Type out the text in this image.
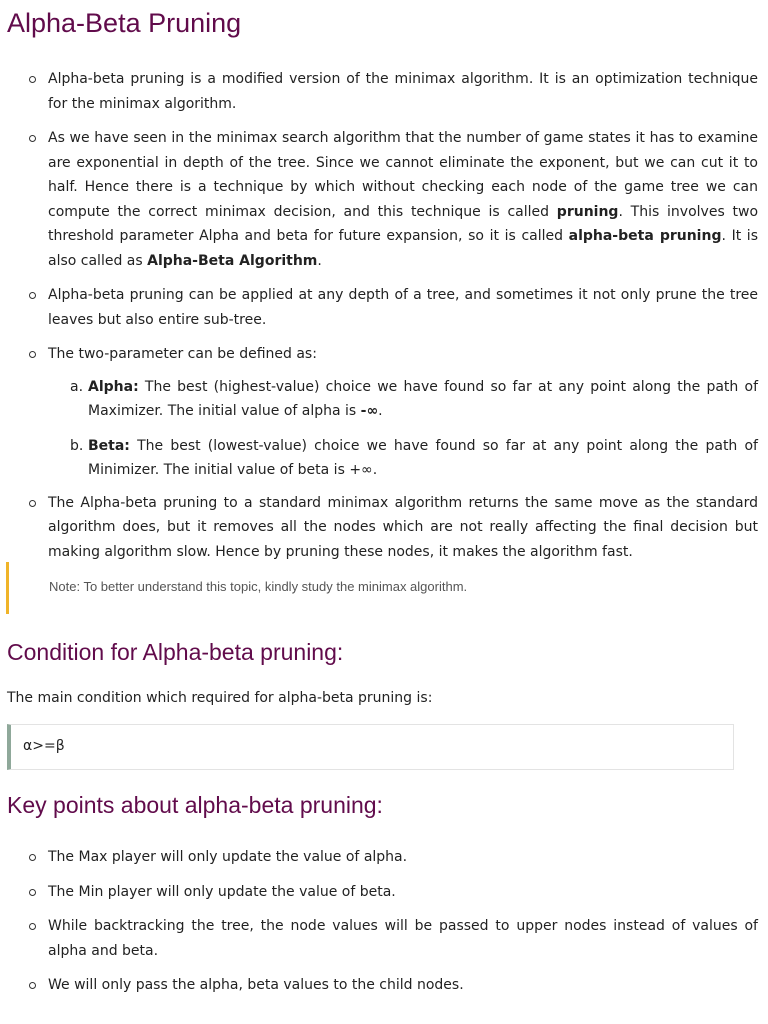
Alpha-Beta Pruning
Alpha-beta pruning is a modified version of the minimax algorithm. It is an optimization technique for the minimax algorithm.
As we have seen in the minimax search algorithm that the number of game states it has to examine are exponential in depth of the tree. Since we cannot eliminate the exponent, but we can cut it to half. Hence there is a technique by which without checking each node of the game tree we can compute the correct minimax decision, and this technique is called pruning. This involves two threshold parameter Alpha and beta for future expansion, so it is called alpha-beta pruning. It is also called as Alpha-Beta Algorithm.
Alpha-beta pruning can be applied at any depth of a tree, and sometimes it not only prune the tree leaves but also entire sub-tree.
The two-parameter can be defined as:
a. Alpha: The best (highest-value) choice we have found so far at any point along the path of Maximizer. The initial value of alpha is -∞.
b. Beta: The best (lowest-value) choice we have found so far at any point along the path of Minimizer. The initial value of beta is +∞.
The Alpha-beta pruning to a standard minimax algorithm returns the same move as the standard algorithm does, but it removes all the nodes which are not really affecting the final decision but making algorithm slow. Hence by pruning these nodes, it makes the algorithm fast.
Note: To better understand this topic, kindly study the minimax algorithm.
Condition for Alpha-beta pruning:
The main condition which required for alpha-beta pruning is:
α>=β
Key points about alpha-beta pruning:
The Max player will only update the value of alpha.
The Min player will only update the value of beta.
While backtracking the tree, the node values will be passed to upper nodes instead of values of alpha and beta.
We will only pass the alpha, beta values to the child nodes.
